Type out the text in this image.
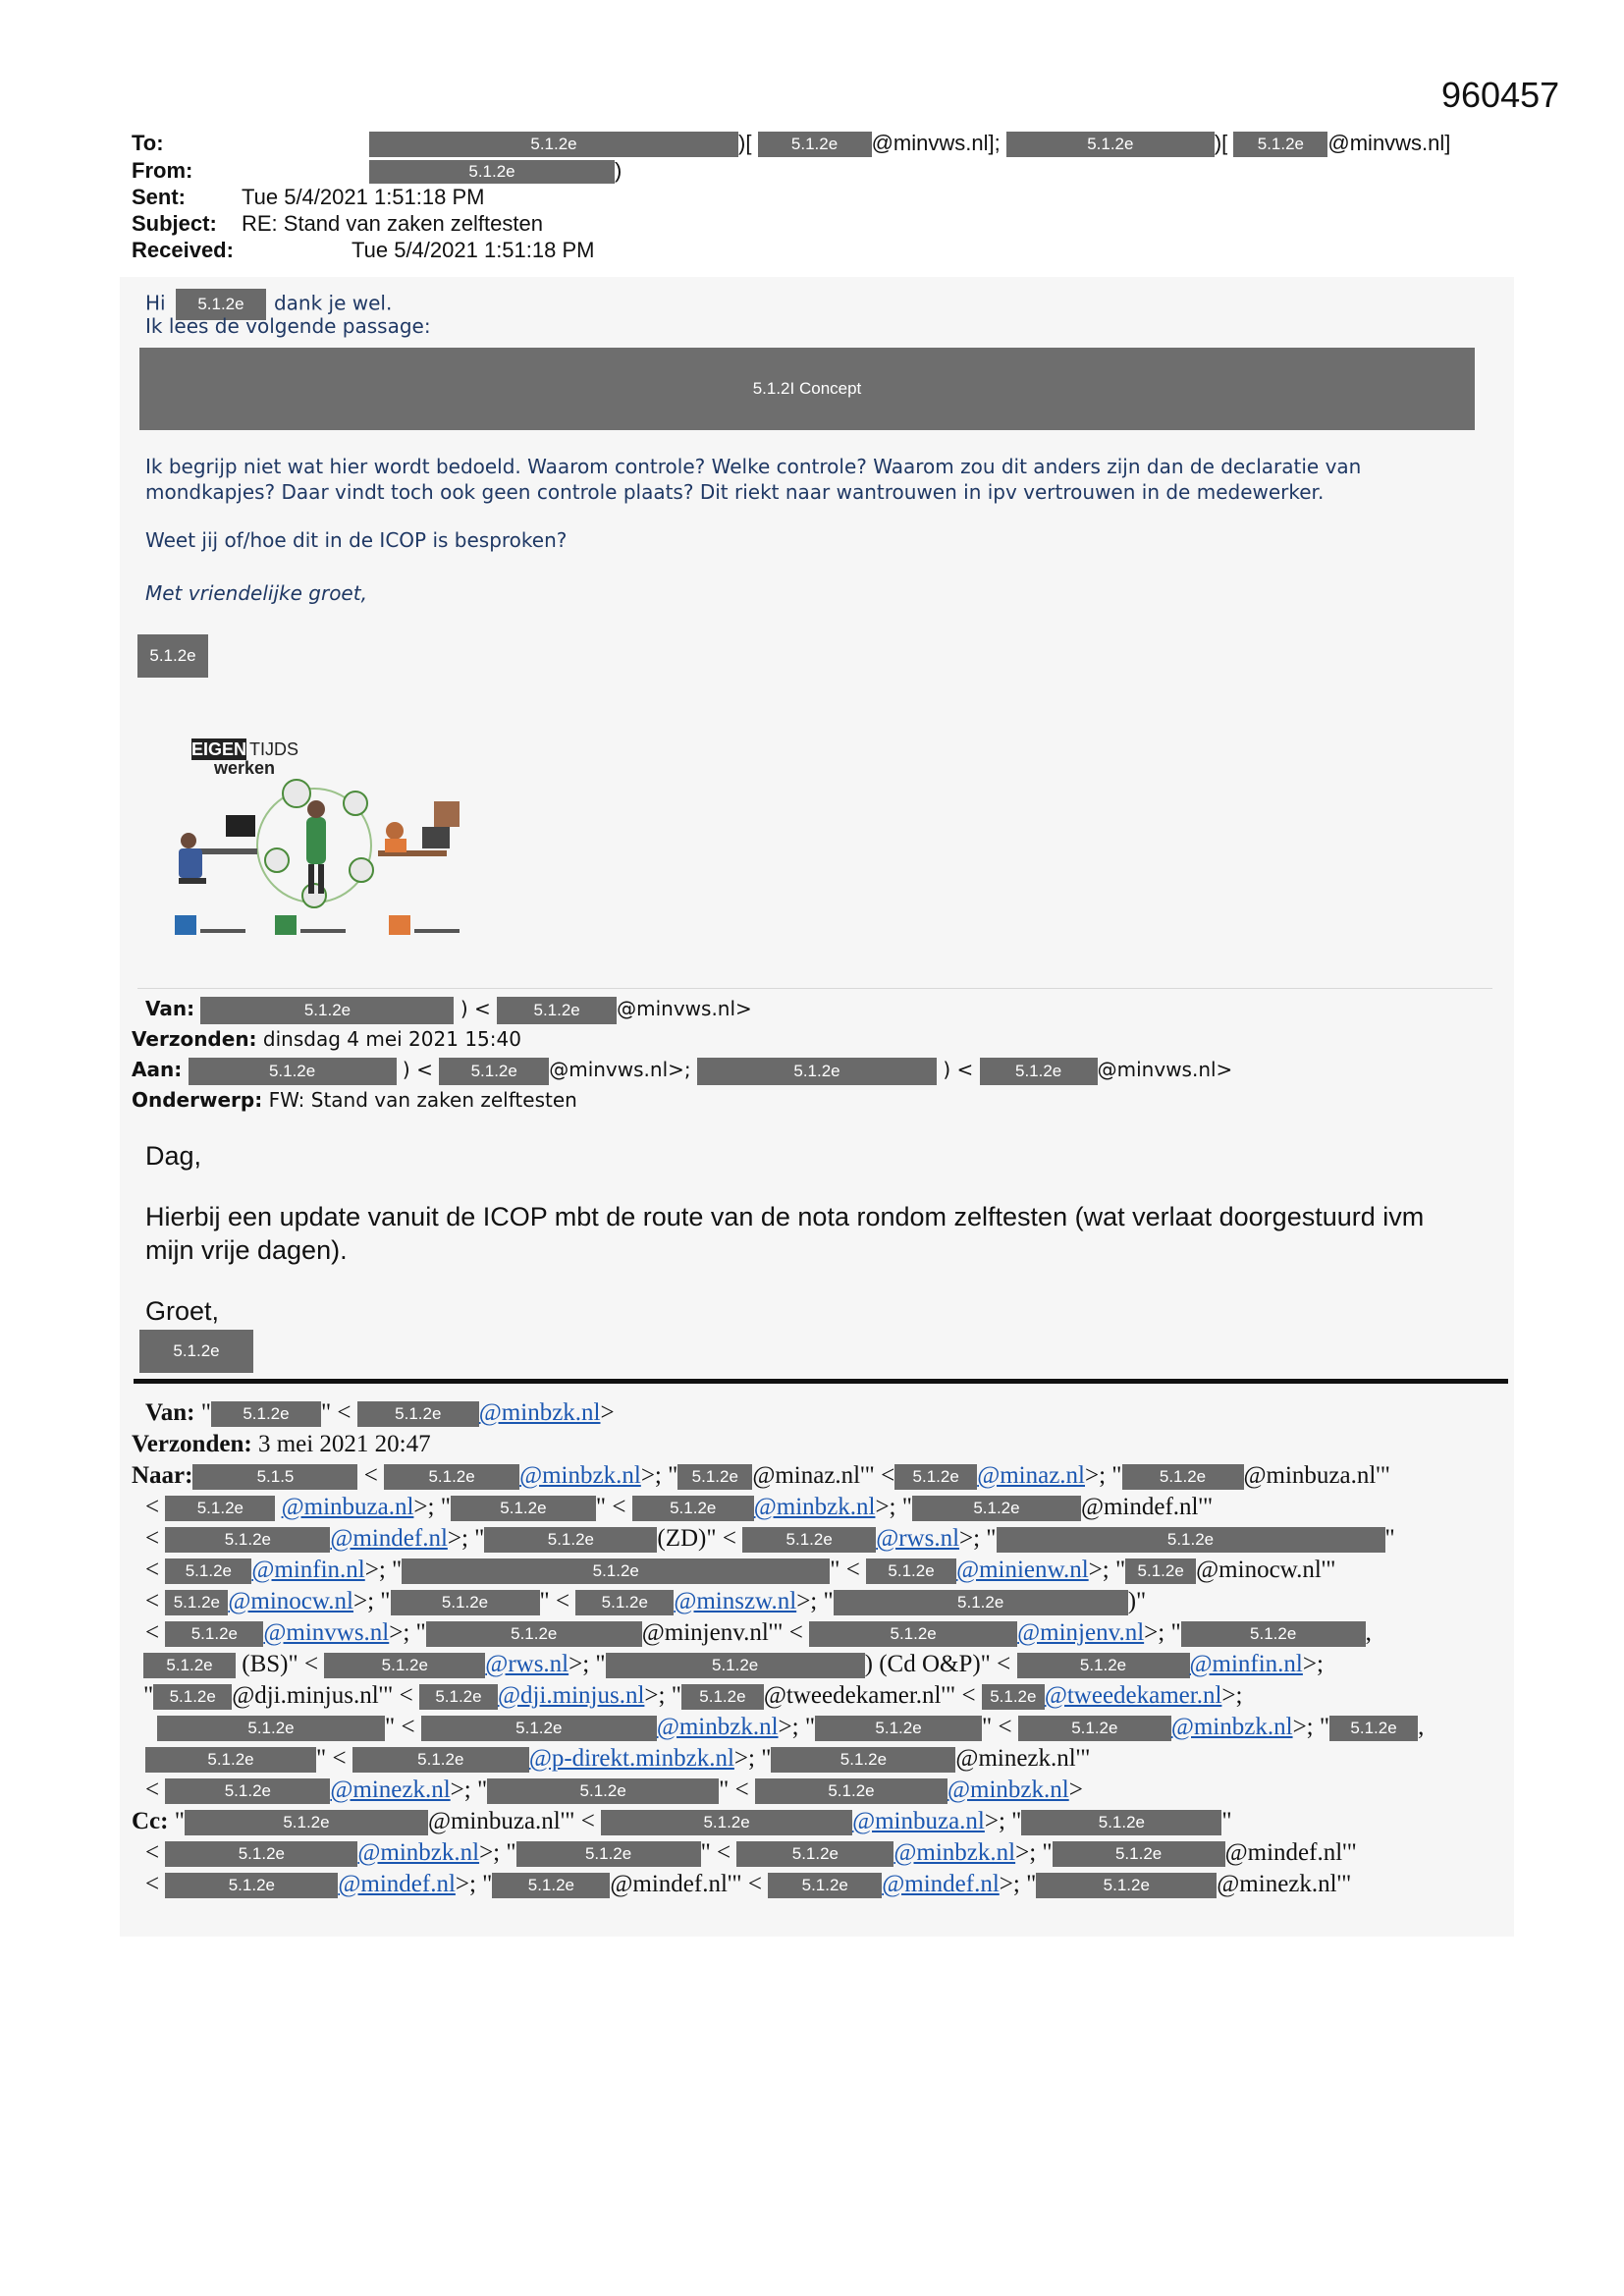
960457
To:	5.1.2e	)[ 5.1.2e @minvws.nl];	5.1.2e	)[ 5.1.2e @minvws.nl]
From:	5.1.2e	)
Sent:	Tue 5/4/2021 1:51:18 PM
Subject: RE: Stand van zaken zelftesten
Received:	Tue 5/4/2021 1:51:18 PM
Hi 5.1.2e dank je wel.
Ik lees de volgende passage:
5.1.2I Concept
Ik begrijp niet wat hier wordt bedoeld. Waarom controle? Welke controle? Waarom zou dit anders zijn dan de declaratie van
mondkapjes? Daar vindt toch ook geen controle plaats? Dit riekt naar wantrouwen in ipv vertrouwen in de medewerker.
Weet jij of/hoe dit in de ICOP is besproken?
Met vriendelijke groet,
5.1.2e
EIGEN TIJDS
werken
Van:	5.1.2e	) < 5.1.2e @minvws.nl>
Verzonden: dinsdag 4 mei 2021 15:40
Aan:	5.1.2e	) < 5.1.2e @minvws.nl>;	5.1.2e	) < 5.1.2e @minvws.nl>
Onderwerp: FW: Stand van zaken zelftesten
Dag,
Hierbij een update vanuit de ICOP mbt de route van de nota rondom zelftesten (wat verlaat doorgestuurd ivm
mijn vrije dagen).
Groet,
5.1.2e
Van: " 5.1.2e " < 5.1.2e @minbzk.nl>
Verzonden: 3 mei 2021 20:47
Naar:	5.1.5	<	5.1.2e @minbzk.nl>; " 5.1.2e @minaz.nl'" < 5.1.2e @minaz.nl>; " 5.1.2e @minbuza.nl'"
< 5.1.2e @minbuza.nl>; "	5.1.2e " < 5.1.2e @minbzk.nl>; "	5.1.2e @mindef.nl'"
<	5.1.2e @mindef.nl>; "	5.1.2e	(ZD)" <	5.1.2e @rws.nl>; "	5.1.2e	"
< 5.1.2e @minfin.nl>; "	5.1.2e	" < 5.1.2e @minienw.nl>; " 5.1.2e @minocw.nl'"
< 5.1.2e @minocw.nl>; "	5.1.2e " < 5.1.2e @minszw.nl>; "	5.1.2e	)"
< 5.1.2e @minvws.nl>; "	5.1.2e	@minjenv.nl'" <	5.1.2e	@minjenv.nl>; "	5.1.2e	,
5.1.2e (BS)" <	5.1.2e @rws.nl>; "	5.1.2e	) (Cd O&P)" <	5.1.2e	@minfin.nl>;
" 5.1.2e @dji.minjus.nl'" < 5.1.2e @dji.minjus.nl>; " 5.1.2e @tweedekamer.nl'" < 5.1.2e @tweedekamer.nl>;
5.1.2e	" <	5.1.2e	@minbzk.nl>; "	5.1.2e " <	5.1.2e @minbzk.nl>; " 5.1.2e ,
5.1.2e	" <	5.1.2e	@p-direkt.minbzk.nl>; "	5.1.2e	@minezk.nl'"
<	5.1.2e @minezk.nl>; "	5.1.2e	" <	5.1.2e	@minbzk.nl>
Cc: "	5.1.2e	@minbuza.nl'" <	5.1.2e	@minbuza.nl>; "	5.1.2e	"
<	5.1.2e	@minbzk.nl>; "	5.1.2e	" <	5.1.2e @minbzk.nl>; "	5.1.2e	@mindef.nl'"
<	5.1.2e	@mindef.nl>; " 5.1.2e @mindef.nl'" < 5.1.2e @mindef.nl>; "	5.1.2e	@minezk.nl'"
